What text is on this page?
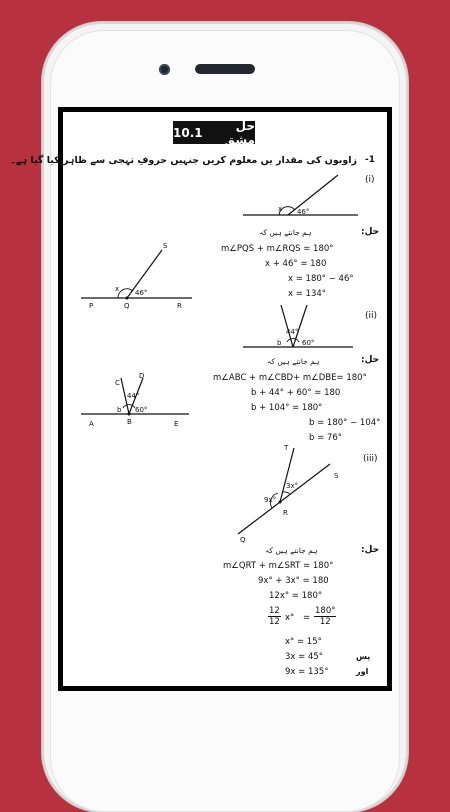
حل مشق
10.1
-1
زاویوں کی مقدار یں معلوم کریں جنہیں حروفِ تہجی سے ظاہر کیا گیا ہے۔
(i)
x 46°
حل:
ہم جانتے ہیں کہ
m∠PQS + m∠RQS = 180°
x + 46° = 180
x = 180° − 46°
x = 134°
S
x 46°
P	Q	R
(ii)
44°
60°
b
حل:
ہم جانتے ہیں کہ
m∠ABC + m∠CBD+ m∠DBE= 180°
b + 44° + 60° = 180
b + 104° = 180°
b = 180° − 104°
b = 76°
C
D
44°
b 60°
A	B	E
(iii)
T
3x°
9x°
R
S
Q
حل:
ہم جانتے ہیں کہ
m∠QRT + m∠SRT = 180°
9x° + 3x° = 180
12x° = 180°
$\frac{12}{12} x^\circ = \frac{180^\circ}{12}$
x° = 15°
3x = 45°
9x = 135°
پس
اور
